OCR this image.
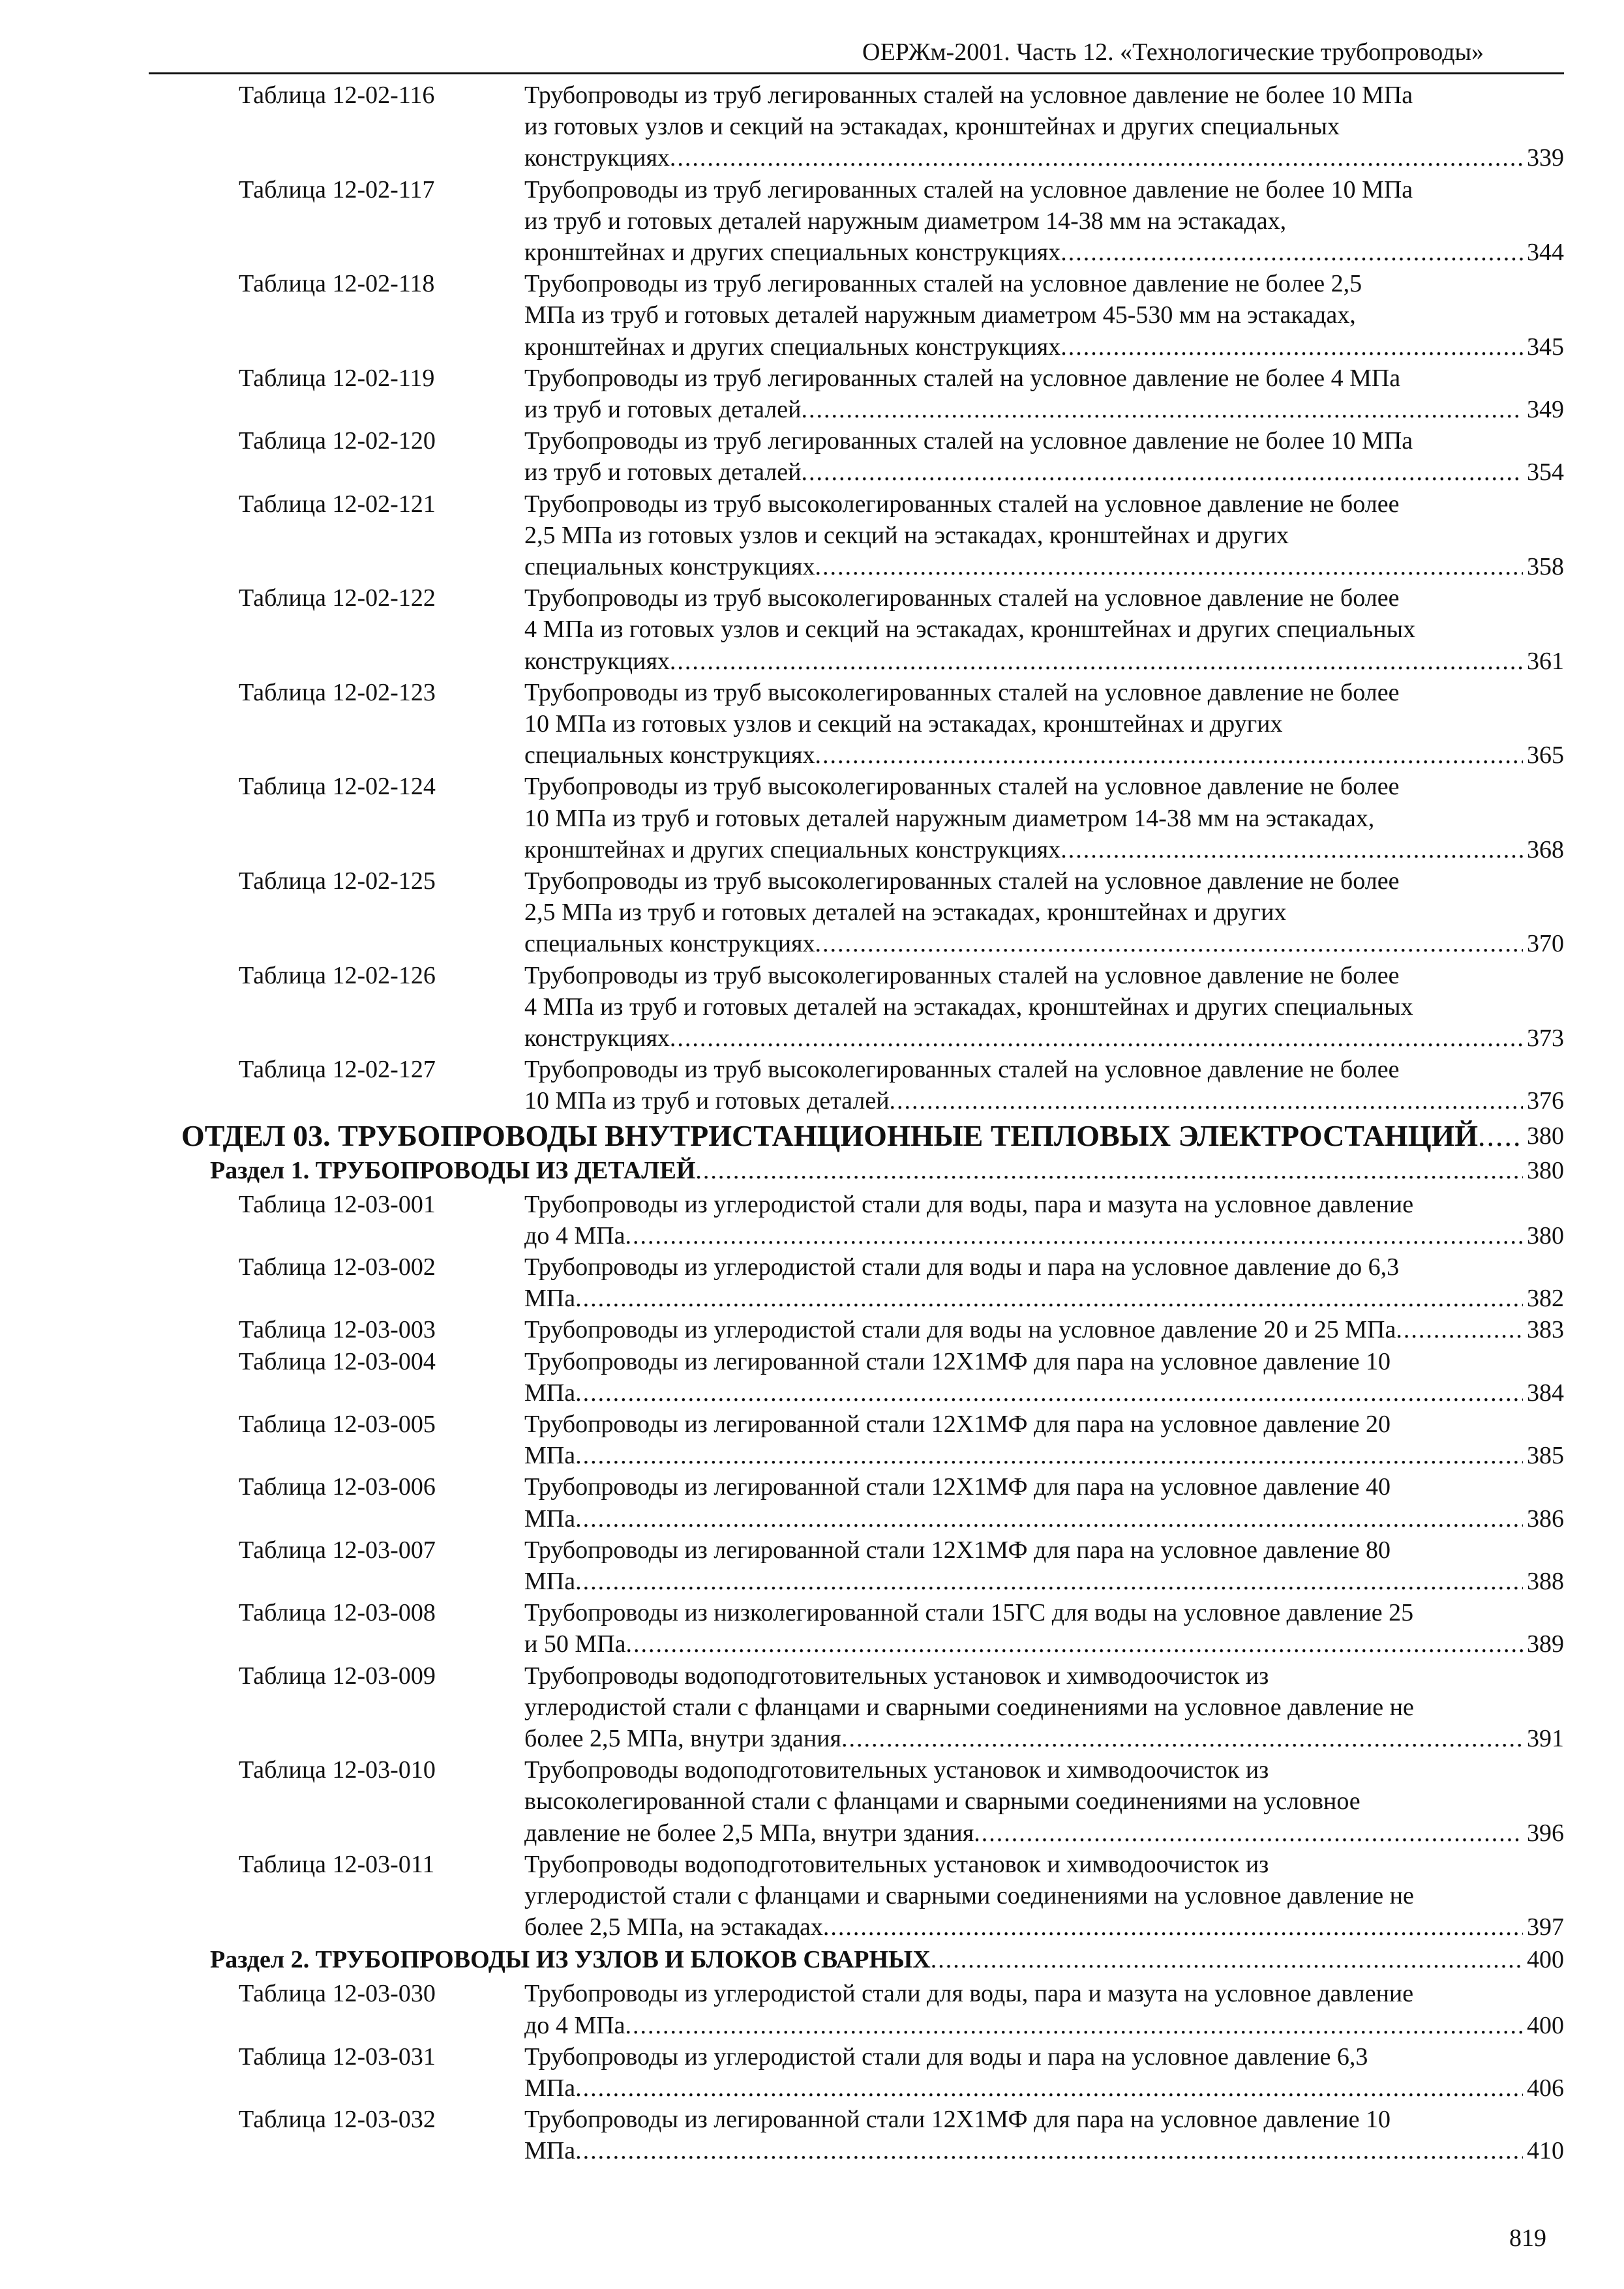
ОЕРЖм-2001. Часть 12. «Технологические трубопроводы»
Таблица 12-02-116	Трубопроводы из труб легированных сталей на условное давление не более 10 МПа
из готовых узлов и секций на эстакадах, кронштейнах и других специальных
конструкциях .....	339
Таблица 12-02-117	Трубопроводы из труб легированных сталей на условное давление не более 10 МПа
из труб и готовых деталей наружным диаметром 14-38 мм на эстакадах,
кронштейнах и других специальных конструкциях .....	344
Таблица 12-02-118	Трубопроводы из труб легированных сталей на условное давление не более 2,5
МПа из труб и готовых деталей наружным диаметром 45-530 мм на эстакадах,
кронштейнах и других специальных конструкциях .....	345
Таблица 12-02-119	Трубопроводы из труб легированных сталей на условное давление не более 4 МПа
из труб и готовых деталей .....	349
Таблица 12-02-120	Трубопроводы из труб легированных сталей на условное давление не более 10 МПа
из труб и готовых деталей .....	354
Таблица 12-02-121	Трубопроводы из труб высоколегированных сталей на условное давление не более
2,5 МПа из готовых узлов и секций на эстакадах, кронштейнах и других
специальных конструкциях .....	358
Таблица 12-02-122	Трубопроводы из труб высоколегированных сталей на условное давление не более
4 МПа из готовых узлов и секций на эстакадах, кронштейнах и других специальных
конструкциях .....	361
Таблица 12-02-123	Трубопроводы из труб высоколегированных сталей на условное давление не более
10 МПа из готовых узлов и секций на эстакадах, кронштейнах и других
специальных конструкциях .....	365
Таблица 12-02-124	Трубопроводы из труб высоколегированных сталей на условное давление не более
10 МПа из труб и готовых деталей наружным диаметром 14-38 мм на эстакадах,
кронштейнах и других специальных конструкциях .....	368
Таблица 12-02-125	Трубопроводы из труб высоколегированных сталей на условное давление не более
2,5 МПа из труб и готовых деталей на эстакадах, кронштейнах и других
специальных конструкциях .....	370
Таблица 12-02-126	Трубопроводы из труб высоколегированных сталей на условное давление не более
4 МПа из труб и готовых деталей на эстакадах, кронштейнах и других специальных
конструкциях .....	373
Таблица 12-02-127	Трубопроводы из труб высоколегированных сталей на условное давление не более
10 МПа из труб и готовых деталей .....	376
ОТДЕЛ 03. ТРУБОПРОВОДЫ ВНУТРИСТАНЦИОННЫЕ ТЕПЛОВЫХ ЭЛЕКТРОСТАНЦИЙ ..... 380
Раздел 1. ТРУБОПРОВОДЫ ИЗ ДЕТАЛЕЙ .....	380
Таблица 12-03-001	Трубопроводы из углеродистой стали для воды, пара и мазута на условное давление
до 4 МПа .....	380
Таблица 12-03-002	Трубопроводы из углеродистой стали для воды и пара на условное давление до 6,3
МПа .....	382
Таблица 12-03-003	Трубопроводы из углеродистой стали для воды на условное давление 20 и 25 МПа .....	383
Таблица 12-03-004	Трубопроводы из легированной стали 12Х1МФ для пара на условное давление 10
МПа .....	384
Таблица 12-03-005	Трубопроводы из легированной стали 12Х1МФ для пара на условное давление 20
МПа .....	385
Таблица 12-03-006	Трубопроводы из легированной стали 12Х1МФ для пара на условное давление 40
МПа .....	386
Таблица 12-03-007	Трубопроводы из легированной стали 12Х1МФ для пара на условное давление 80
МПа .....	388
Таблица 12-03-008	Трубопроводы из низколегированной стали 15ГС для воды на условное давление 25
и 50 МПа .....	389
Таблица 12-03-009	Трубопроводы водоподготовительных установок и химводоочисток из
углеродистой стали с фланцами и сварными соединениями на условное давление не
более 2,5 МПа, внутри здания .....	391
Таблица 12-03-010	Трубопроводы водоподготовительных установок и химводоочисток из
высоколегированной стали с фланцами и сварными соединениями на условное
давление не более 2,5 МПа, внутри здания .....	396
Таблица 12-03-011	Трубопроводы водоподготовительных установок и химводоочисток из
углеродистой стали с фланцами и сварными соединениями на условное давление не
более 2,5 МПа, на эстакадах .....	397
Раздел 2. ТРУБОПРОВОДЫ ИЗ УЗЛОВ И БЛОКОВ СВАРНЫХ .....	400
Таблица 12-03-030	Трубопроводы из углеродистой стали для воды, пара и мазута на условное давление
до 4 МПа .....	400
Таблица 12-03-031	Трубопроводы из углеродистой стали для воды и пара на условное давление 6,3
МПа .....	406
Таблица 12-03-032	Трубопроводы из легированной стали 12Х1МФ для пара на условное давление 10
МПа .....	410
819
